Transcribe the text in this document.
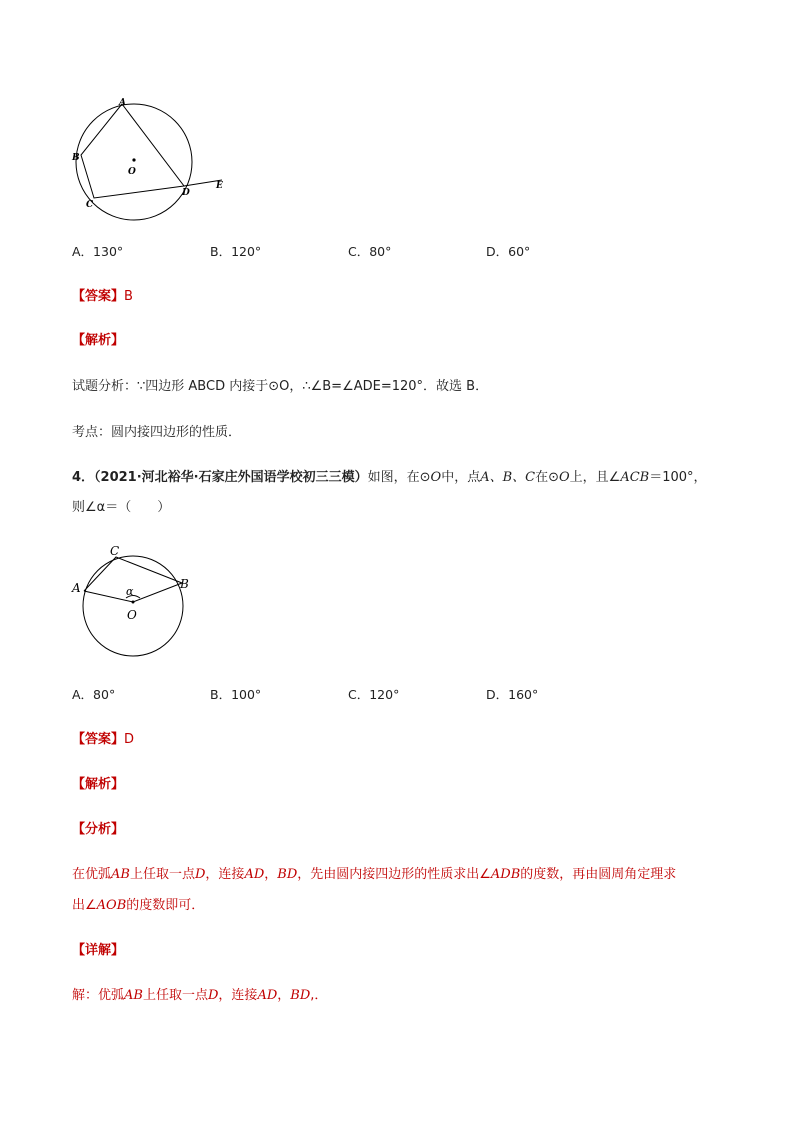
A
B
C
D
E
O
A．130°	B．120°	C．80°	D．60°
【答案】B
【解析】
试题分析：∵四边形 ABCD 内接于⊙O，∴∠B=∠ADE=120°．故选 B．
考点：圆内接四边形的性质．
4．（2021·河北裕华·石家庄外国语学校初三三模）如图，在⊙O中，点A、B、C在⊙O上，且∠ACB＝100°，
则∠α＝（　　）
C
A	B
α
O
A．80°	B．100°	C．120°	D．160°
【答案】D
【解析】
【分析】
在优弧AB上任取一点D，连接AD，BD，先由圆内接四边形的性质求出∠ADB的度数，再由圆周角定理求
出∠AOB的度数即可．
【详解】
解：优弧AB上任取一点D，连接AD，BD,．
